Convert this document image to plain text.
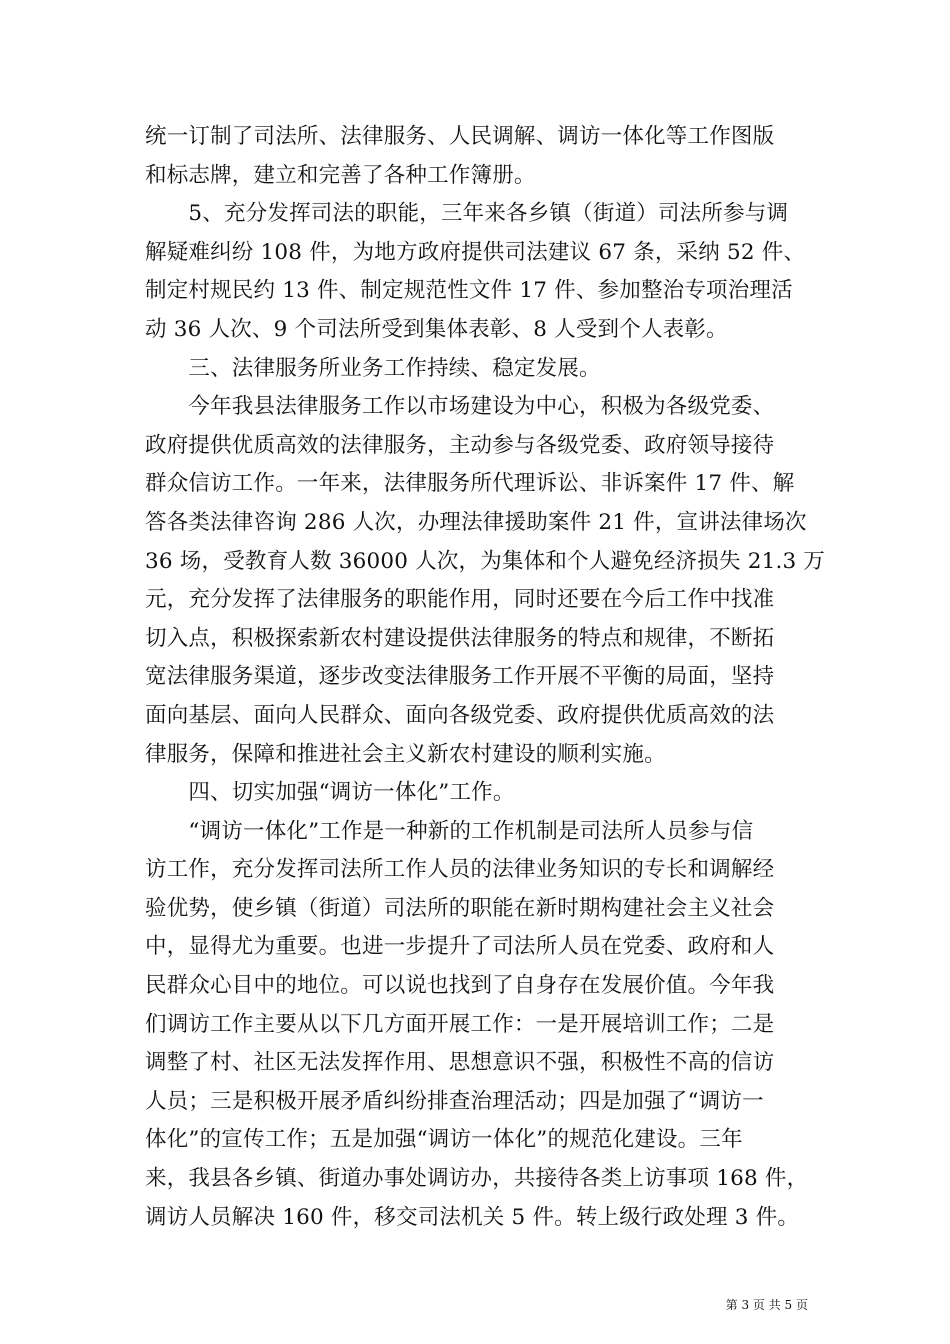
统一订制了司法所、法律服务、人民调解、调访一体化等工作图版
和标志牌，建立和完善了各种工作簿册。
　　5、充分发挥司法的职能，三年来各乡镇（街道）司法所参与调
解疑难纠纷 108 件，为地方政府提供司法建议 67 条，采纳 52 件、
制定村规民约 13 件、制定规范性文件 17 件、参加整治专项治理活
动 36 人次、9 个司法所受到集体表彰、8 人受到个人表彰。
　　三、法律服务所业务工作持续、稳定发展。
　　今年我县法律服务工作以市场建设为中心，积极为各级党委、
政府提供优质高效的法律服务，主动参与各级党委、政府领导接待
群众信访工作。一年来，法律服务所代理诉讼、非诉案件 17 件、解
答各类法律咨询 286 人次，办理法律援助案件 21 件，宣讲法律场次
36 场，受教育人数 36000 人次，为集体和个人避免经济损失 21.3 万
元，充分发挥了法律服务的职能作用，同时还要在今后工作中找准
切入点，积极探索新农村建设提供法律服务的特点和规律，不断拓
宽法律服务渠道，逐步改变法律服务工作开展不平衡的局面，坚持
面向基层、面向人民群众、面向各级党委、政府提供优质高效的法
律服务，保障和推进社会主义新农村建设的顺利实施。
　　四、切实加强“调访一体化”工作。
　　“调访一体化”工作是一种新的工作机制是司法所人员参与信
访工作，充分发挥司法所工作人员的法律业务知识的专长和调解经
验优势，使乡镇（街道）司法所的职能在新时期构建社会主义社会
中，显得尤为重要。也进一步提升了司法所人员在党委、政府和人
民群众心目中的地位。可以说也找到了自身存在发展价值。今年我
们调访工作主要从以下几方面开展工作：一是开展培训工作；二是
调整了村、社区无法发挥作用、思想意识不强，积极性不高的信访
人员；三是积极开展矛盾纠纷排查治理活动；四是加强了“调访一
体化”的宣传工作；五是加强“调访一体化”的规范化建设。三年
来，我县各乡镇、街道办事处调访办，共接待各类上访事项 168 件，
调访人员解决 160 件，移交司法机关 5 件。转上级行政处理 3 件。
第 3 页 共 5 页
